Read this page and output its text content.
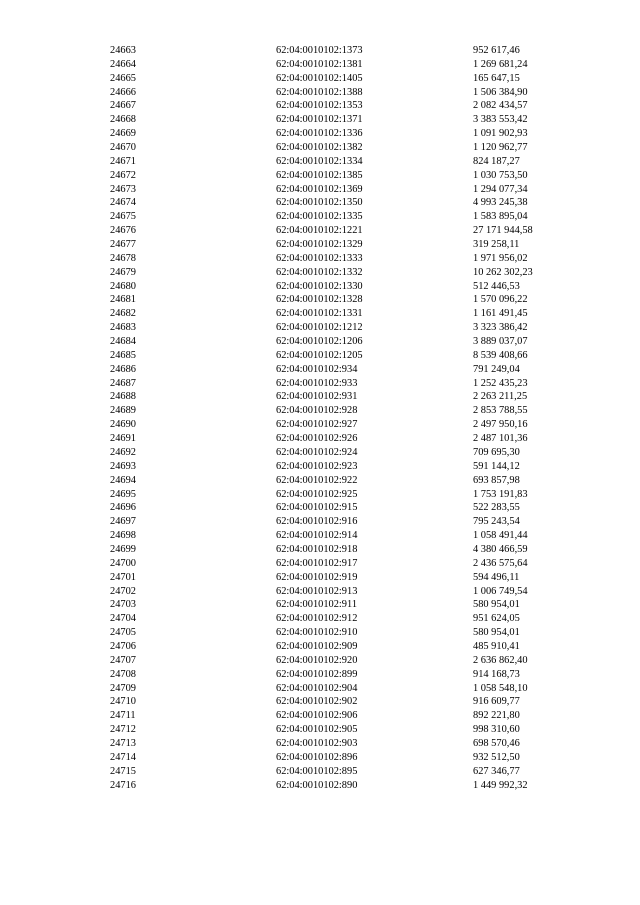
24663	62:04:0010102:1373	952 617,46
24664	62:04:0010102:1381	1 269 681,24
24665	62:04:0010102:1405	165 647,15
24666	62:04:0010102:1388	1 506 384,90
24667	62:04:0010102:1353	2 082 434,57
24668	62:04:0010102:1371	3 383 553,42
24669	62:04:0010102:1336	1 091 902,93
24670	62:04:0010102:1382	1 120 962,77
24671	62:04:0010102:1334	824 187,27
24672	62:04:0010102:1385	1 030 753,50
24673	62:04:0010102:1369	1 294 077,34
24674	62:04:0010102:1350	4 993 245,38
24675	62:04:0010102:1335	1 583 895,04
24676	62:04:0010102:1221	27 171 944,58
24677	62:04:0010102:1329	319 258,11
24678	62:04:0010102:1333	1 971 956,02
24679	62:04:0010102:1332	10 262 302,23
24680	62:04:0010102:1330	512 446,53
24681	62:04:0010102:1328	1 570 096,22
24682	62:04:0010102:1331	1 161 491,45
24683	62:04:0010102:1212	3 323 386,42
24684	62:04:0010102:1206	3 889 037,07
24685	62:04:0010102:1205	8 539 408,66
24686	62:04:0010102:934	791 249,04
24687	62:04:0010102:933	1 252 435,23
24688	62:04:0010102:931	2 263 211,25
24689	62:04:0010102:928	2 853 788,55
24690	62:04:0010102:927	2 497 950,16
24691	62:04:0010102:926	2 487 101,36
24692	62:04:0010102:924	709 695,30
24693	62:04:0010102:923	591 144,12
24694	62:04:0010102:922	693 857,98
24695	62:04:0010102:925	1 753 191,83
24696	62:04:0010102:915	522 283,55
24697	62:04:0010102:916	795 243,54
24698	62:04:0010102:914	1 058 491,44
24699	62:04:0010102:918	4 380 466,59
24700	62:04:0010102:917	2 436 575,64
24701	62:04:0010102:919	594 496,11
24702	62:04:0010102:913	1 006 749,54
24703	62:04:0010102:911	580 954,01
24704	62:04:0010102:912	951 624,05
24705	62:04:0010102:910	580 954,01
24706	62:04:0010102:909	485 910,41
24707	62:04:0010102:920	2 636 862,40
24708	62:04:0010102:899	914 168,73
24709	62:04:0010102:904	1 058 548,10
24710	62:04:0010102:902	916 609,77
24711	62:04:0010102:906	892 221,80
24712	62:04:0010102:905	998 310,60
24713	62:04:0010102:903	698 570,46
24714	62:04:0010102:896	932 512,50
24715	62:04:0010102:895	627 346,77
24716	62:04:0010102:890	1 449 992,32
